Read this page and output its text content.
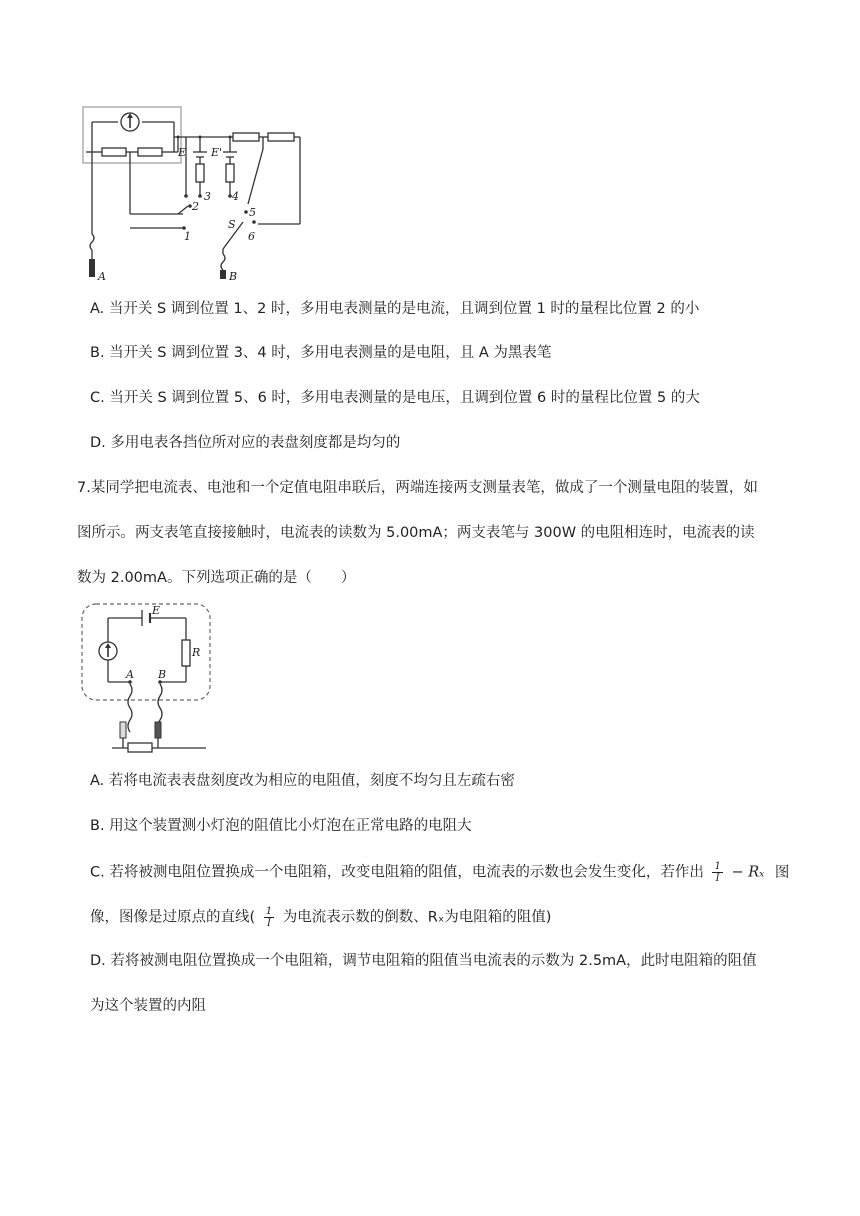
E E'
1
2
3 4
5
6
S
A	B
A. 当开关 S 调到位置 1、2 时，多用电表测量的是电流，且调到位置 1 时的量程比位置 2 的小
B. 当开关 S 调到位置 3、4 时，多用电表测量的是电阻，且 A 为黑表笔
C. 当开关 S 调到位置 5、6 时，多用电表测量的是电压，且调到位置 6 时的量程比位置 5 的大
D. 多用电表各挡位所对应的表盘刻度都是均匀的
7.某同学把电流表、电池和一个定值电阻串联后，两端连接两支测量表笔，做成了一个测量电阻的装置，如
图所示。两支表笔直接接触时，电流表的读数为 5.00mA；两支表笔与 300W 的电阻相连时，电流表的读
数为 2.00mA。下列选项正确的是（　　）
E
R
A B
A. 若将电流表表盘刻度改为相应的电阻值，刻度不均匀且左疏右密
B. 用这个装置测小灯泡的阻值比小灯泡在正常电路的电阻大
C. 若将被测电阻位置换成一个电阻箱，改变电阻箱的阻值，电流表的示数也会发生变化，若作出 $\frac{1}{I} - R_x$ 图
像，图像是过原点的直线( $\frac{1}{I}$ 为电流表示数的倒数、Rₓ为电阻箱的阻值)
D. 若将被测电阻位置换成一个电阻箱，调节电阻箱的阻值当电流表的示数为 2.5mA，此时电阻箱的阻值
为这个装置的内阻
